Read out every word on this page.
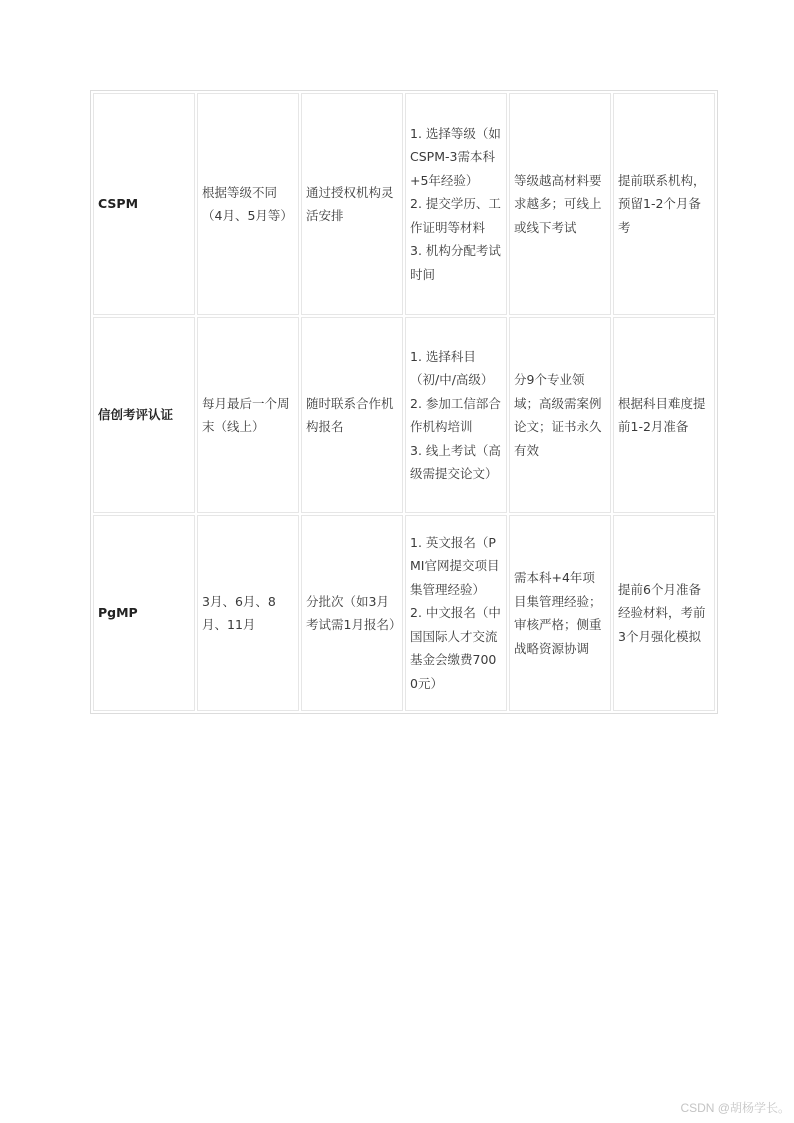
CSPM	根据等级不同（4月、5月等）	通过授权机构灵活安排	1. 选择等级（如CSPM-3需本科+5年经验）
2. 提交学历、工作证明等材料
3. 机构分配考试时间	等级越高材料要求越多；可线上或线下考试	提前联系机构，预留1-2个月备考
信创考评认证	每月最后一个周末（线上）	随时联系合作机构报名	1. 选择科目（初/中/高级）
2. 参加工信部合作机构培训
3. 线上考试（高级需提交论文）	分9个专业领域；高级需案例论文；证书永久有效	根据科目难度提前1-2月准备
PgMP	3月、6月、8月、11月	分批次（如3月考试需1月报名）	1. 英文报名（PMI官网提交项目集管理经验）
2. 中文报名（中国国际人才交流基金会缴费7000元）	需本科+4年项目集管理经验；审核严格；侧重战略资源协调	提前6个月准备经验材料，考前3个月强化模拟
CSDN @胡杨学长。
